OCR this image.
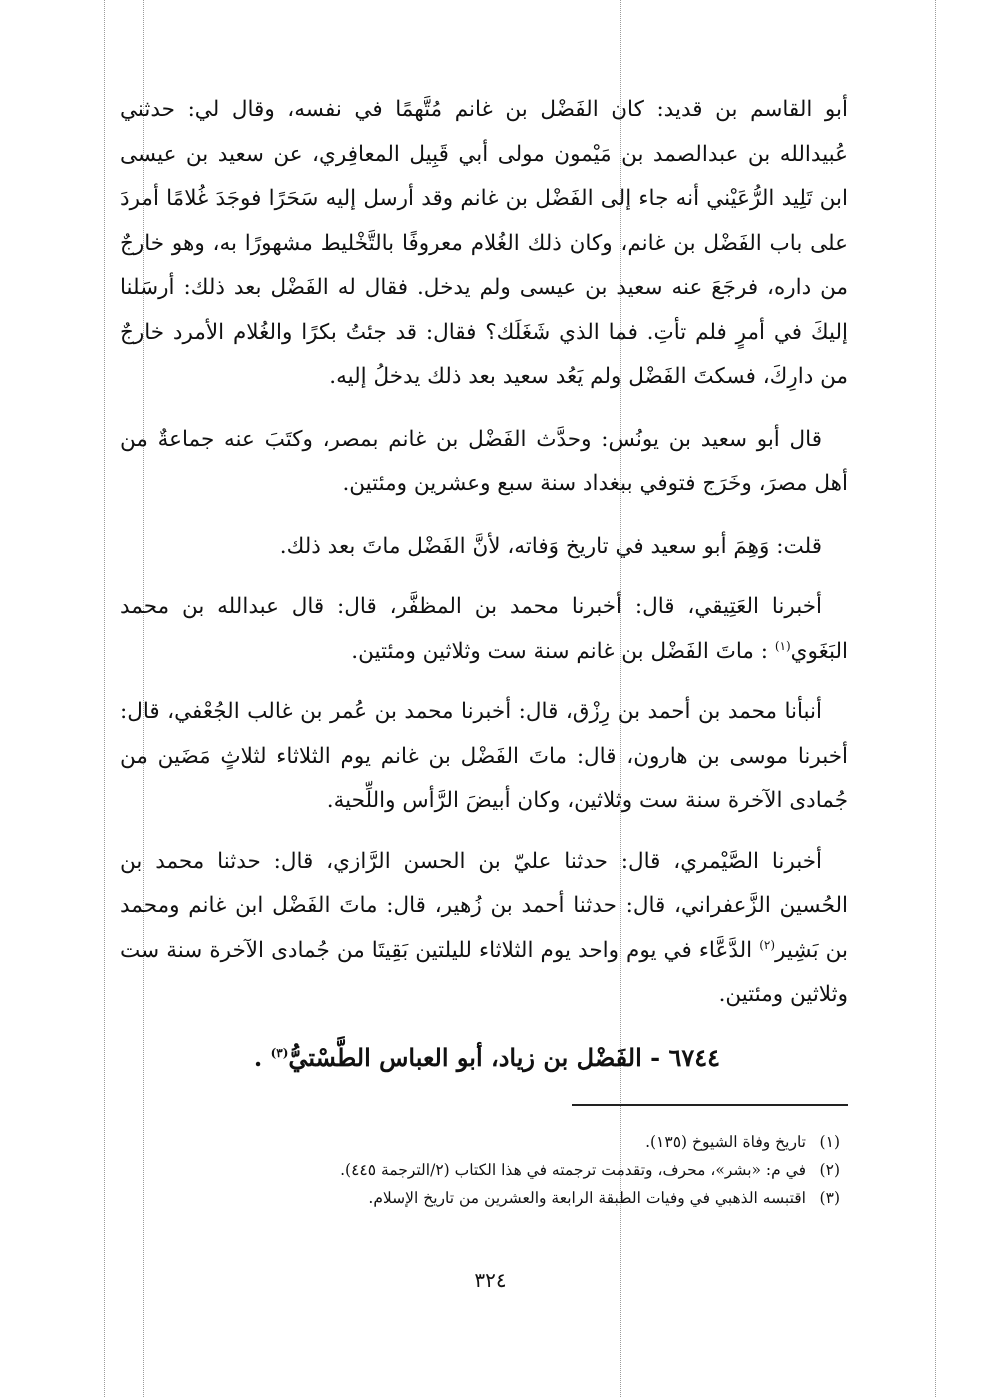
أبو القاسم بن قديد: كان الفَضْل بن غانم مُتَّهمًا في نفسه، وقال لي: حدثني عُبيدالله بن عبدالصمد بن مَيْمون مولى أبي قَبِيل المعافِري، عن سعيد بن عيسى ابن تَلِيد الرُّعَيْني أنه جاء إلى الفَضْل بن غانم وقد أرسل إليه سَحَرًا فوجَدَ غُلامًا أمردَ على باب الفَضْل بن غانم، وكان ذلك الغُلام معروفًا بالتَّخْليط مشهورًا به، وهو خارجٌ من داره، فرجَعَ عنه سعيد بن عيسى ولم يدخل. فقال له الفَضْل بعد ذلك: أرسَلنا إليكَ في أمرٍ فلم تأتِ. فما الذي شَغَلَك؟ فقال: قد جئتُ بكرًا والغُلام الأمرد خارجٌ من دارِكَ، فسكتَ الفَضْل ولم يَعُد سعيد بعد ذلك يدخلُ إليه.

قال أبو سعيد بن يونُس: وحدَّث الفَضْل بن غانم بمصر، وكتَبَ عنه جماعةٌ من أهل مصرَ، وخَرَج فتوفي ببغداد سنة سبع وعشرين ومئتين.

قلت: وَهِمَ أبو سعيد في تاريخ وَفاته، لأنَّ الفَضْل ماتَ بعد ذلك.

أخبرنا العَتِيقي، قال: أخبرنا محمد بن المظفَّر، قال: قال عبدالله بن محمد البَغَوي$^{(١)}$ : ماتَ الفَضْل بن غانم سنة ست وثلاثين ومئتين.

أنبأنا محمد بن أحمد بن رِزْق، قال: أخبرنا محمد بن عُمر بن غالب الجُعْفي، قال: أخبرنا موسى بن هارون، قال: ماتَ الفَضْل بن غانم يوم الثلاثاء لثلاثٍ مَضَين من جُمادى الآخرة سنة ست وثلاثين، وكان أبيضَ الرَّأس واللِّحية.

أخبرنا الصَّيْمري، قال: حدثنا عليّ بن الحسن الرَّازي، قال: حدثنا محمد بن الحُسين الزَّعفراني، قال: حدثنا أحمد بن زُهير، قال: ماتَ الفَضْل ابن غانم ومحمد بن بَشِير$^{(٢)}$ الدَّعَّاء في يوم واحد يوم الثلاثاء لليلتين بَقِيتَا من جُمادى الآخرة سنة ست وثلاثين ومئتين.

٦٧٤٤ - الفَضْل بن زياد، أبو العباس الطَّسْتيُّ$^{(٣)}$ .

(١)تاريخ وفاة الشيوخ (١٣٥).

(٢)في م: «بشر»، محرف، وتقدمت ترجمته في هذا الكتاب (٢/الترجمة ٤٤٥).

(٣)اقتبسه الذهبي في وفيات الطبقة الرابعة والعشرين من تاريخ الإسلام.

٣٢٤
